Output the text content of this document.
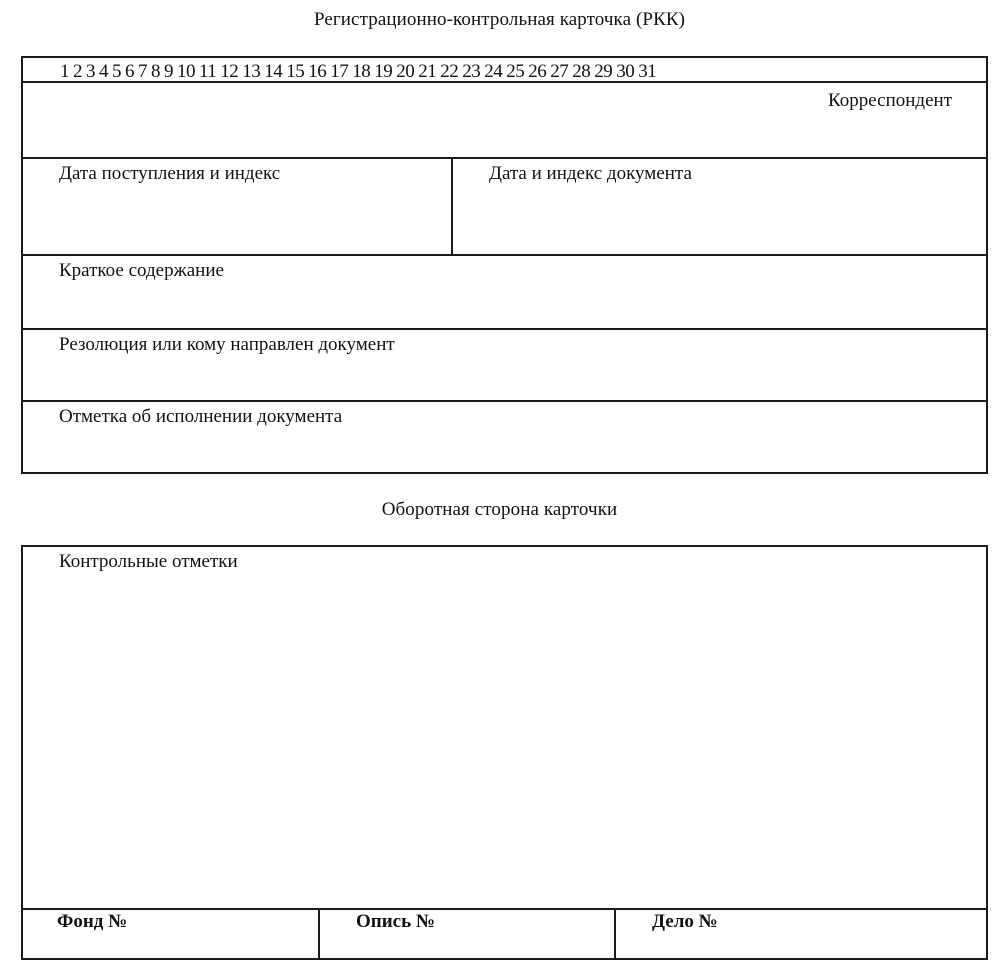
Регистрационно-контрольная карточка (РКК)
1 2 3 4 5 6 7 8 9 10 11 12 13 14 15 16 17 18 19 20 21 22 23 24 25 26 27 28 29 30 31
Корреспондент
Дата поступления и индекс	Дата и индекс документа
Краткое содержание
Резолюция или кому направлен документ
Отметка об исполнении документа
Оборотная сторона карточки
Контрольные отметки
Фонд №	Опись №	Дело №
